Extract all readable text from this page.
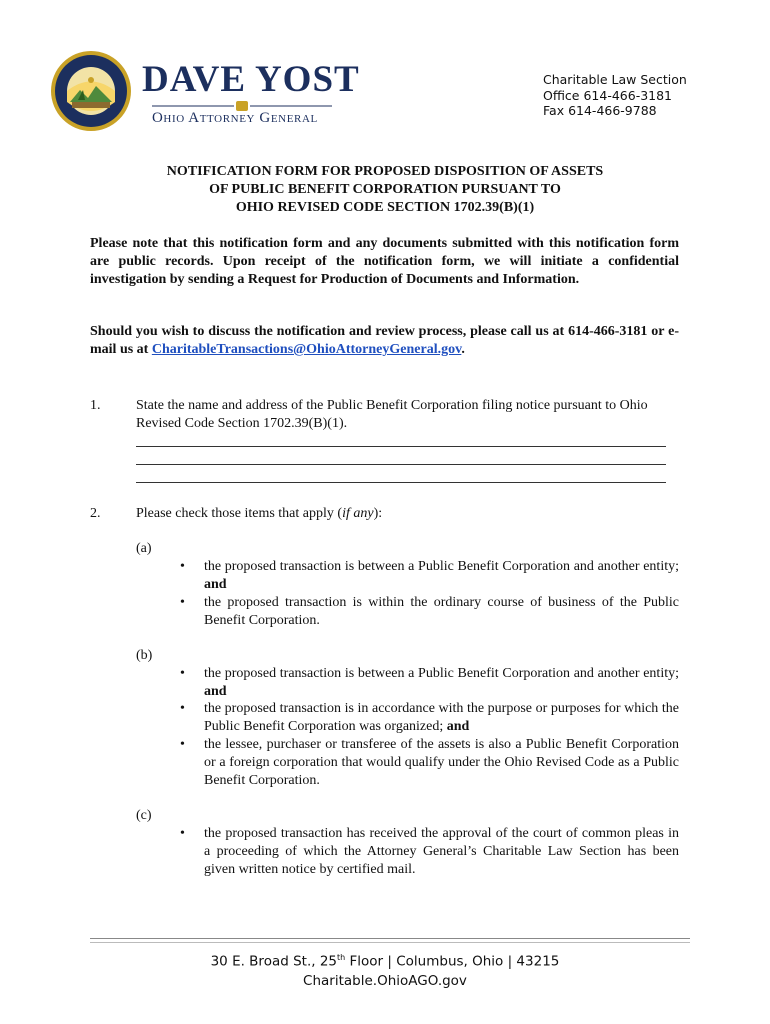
DAVE YOST
Ohio Attorney General
Charitable Law Section
Office 614-466-3181
Fax 614-466-9788
NOTIFICATION FORM FOR PROPOSED DISPOSITION OF ASSETS
OF PUBLIC BENEFIT CORPORATION PURSUANT TO
OHIO REVISED CODE SECTION 1702.39(B)(1)
Please note that this notification form and any documents submitted with this notification form are public records. Upon receipt of the notification form, we will initiate a confidential investigation by sending a Request for Production of Documents and Information.
Should you wish to discuss the notification and review process, please call us at 614-466-3181 or e-mail us at CharitableTransactions@OhioAttorneyGeneral.gov.
1.	State the name and address of the Public Benefit Corporation filing notice pursuant to Ohio Revised Code Section 1702.39(B)(1).
2.	Please check those items that apply (if any):
(a)
• the proposed transaction is between a Public Benefit Corporation and another entity; and
• the proposed transaction is within the ordinary course of business of the Public Benefit Corporation.
(b)
• the proposed transaction is between a Public Benefit Corporation and another entity; and
• the proposed transaction is in accordance with the purpose or purposes for which the Public Benefit Corporation was organized; and
• the lessee, purchaser or transferee of the assets is also a Public Benefit Corporation or a foreign corporation that would qualify under the Ohio Revised Code as a Public Benefit Corporation.
(c)
• the proposed transaction has received the approval of the court of common pleas in a proceeding of which the Attorney General’s Charitable Law Section has been given written notice by certified mail.
30 E. Broad St., 25th Floor | Columbus, Ohio | 43215
Charitable.OhioAGO.gov
